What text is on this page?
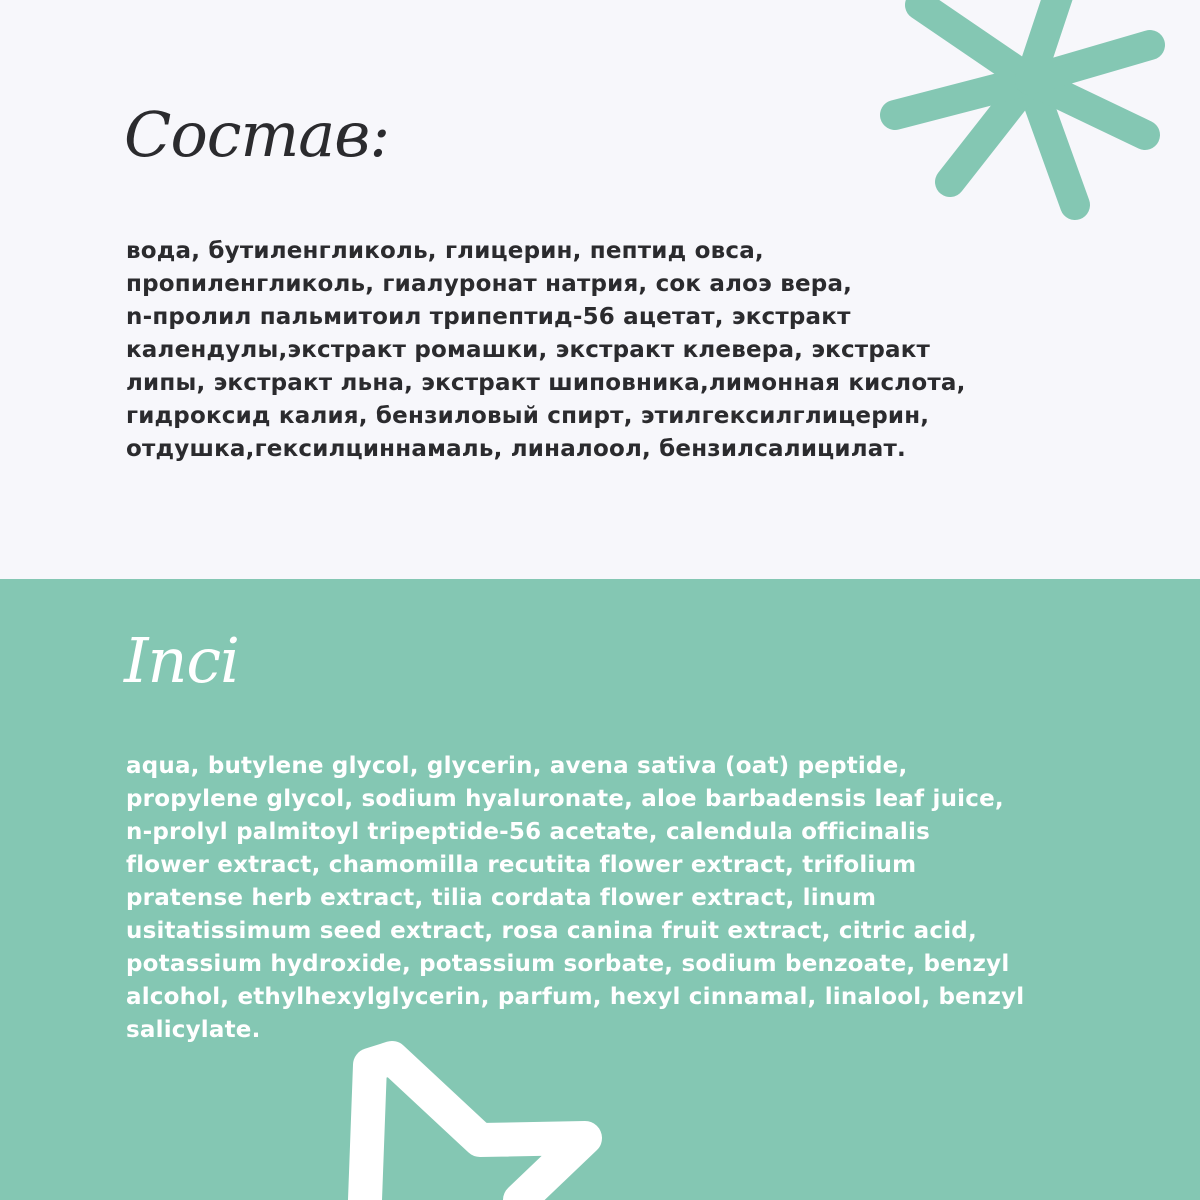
Состав:

вода, бутиленгликоль, глицерин, пептид овса,
пропиленгликоль, гиалуронат натрия, сок алоэ вера,
n-пролил пальмитоил трипептид-56 ацетат, экстракт
календулы,экстракт ромашки, экстракт клевера, экстракт
липы, экстракт льна, экстракт шиповника,лимонная кислота,
гидроксид калия, бензиловый спирт, этилгексилглицерин,
отдушка,гексилциннамаль, линалоол, бензилсалицилат.

Inci

aqua, butylene glycol, glycerin, avena sativa (oat) peptide,
propylene glycol, sodium hyaluronate, aloe barbadensis leaf juice,
n-prolyl palmitoyl tripeptide-56 acetate, calendula officinalis
flower extract, chamomilla recutita flower extract, trifolium
pratense herb extract, tilia cordata flower extract, linum
usitatissimum seed extract, rosa canina fruit extract, citric acid,
potassium hydroxide, potassium sorbate, sodium benzoate, benzyl
alcohol, ethylhexylglycerin, parfum, hexyl cinnamal, linalool, benzyl
salicylate.
